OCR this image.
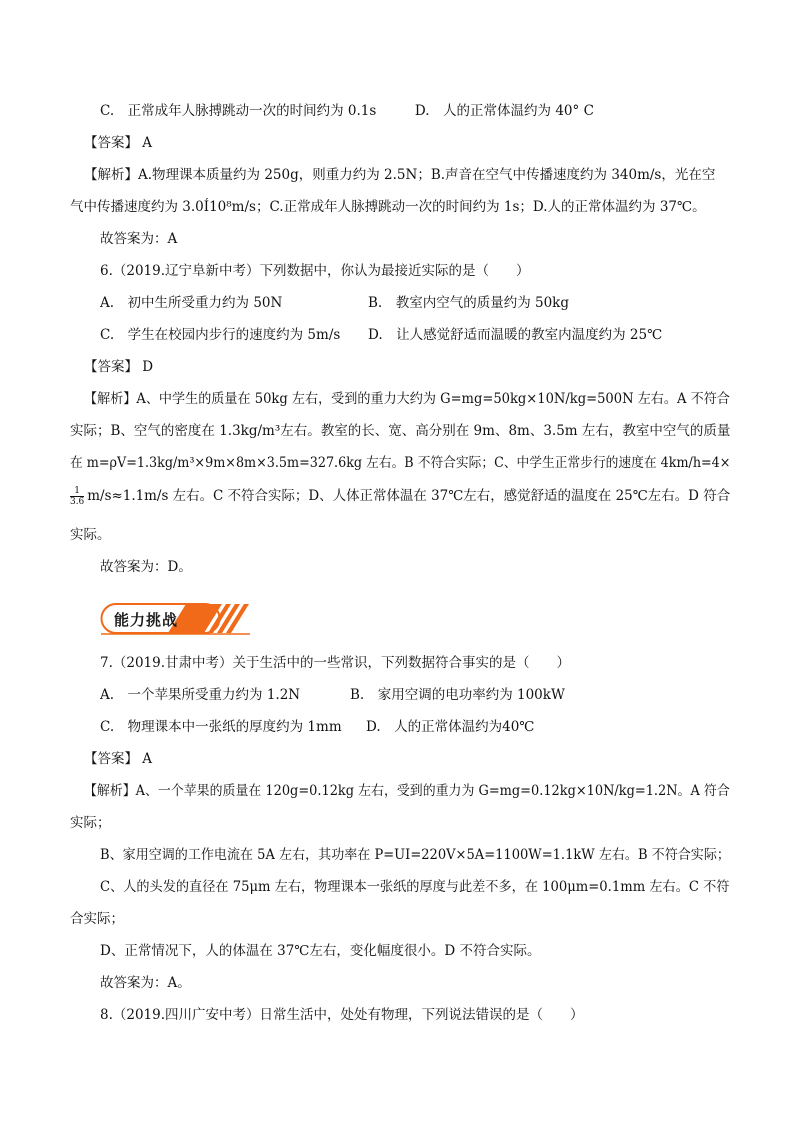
C.　正常成年人脉搏跳动一次的时间约为 0.1s	D.　人的正常体温约为 40° C
【答案】 A
【解析】A.物理课本质量约为 250g，则重力约为 2.5N；B.声音在空气中传播速度约为 340m/s，光在空
气中传播速度约为 3.0Í10⁸m/s；C.正常成年人脉搏跳动一次的时间约为 1s；D.人的正常体温约为 37℃。
故答案为：A
6.（2019.辽宁阜新中考）下列数据中，你认为最接近实际的是（　　）
A.　初中生所受重力约为 50N	B.　教室内空气的质量约为 50kg
C.　学生在校园内步行的速度约为 5m/s D.　让人感觉舒适而温暖的教室内温度约为 25℃
【答案】 D
【解析】A、中学生的质量在 50kg 左右，受到的重力大约为 G=mg=50kg×10N/kg=500N 左右。A 不符合
实际；B、空气的密度在 1.3kg/m³左右。教室的长、宽、高分别在 9m、8m、3.5m 左右，教室中空气的质量
在 m=ρV=1.3kg/m³×9m×8m×3.5m=327.6kg 左右。B 不符合实际；C、中学生正常步行的速度在 4km/h=4×
$\frac{1}{3.6} m/s\approx 1.1m/s$ 左右。C 不符合实际；D、人体正常体温在 37℃左右，感觉舒适的温度在 25℃左右。D 符合
实际。
故答案为：D。
能力挑战
7.（2019.甘肃中考）关于生活中的一些常识，下列数据符合事实的是（　　）
A.　一个苹果所受重力约为 1.2N	B.　家用空调的电功率约为 100kW
C.　物理课本中一张纸的厚度约为 1mm D.　人的正常体温约为40℃
【答案】 A
【解析】A、一个苹果的质量在 120g=0.12kg 左右，受到的重力为 G=mg=0.12kg×10N/kg=1.2N。A 符合
实际；
B、家用空调的工作电流在 5A 左右，其功率在 P=UI=220V×5A=1100W=1.1kW 左右。B 不符合实际；
C、人的头发的直径在 75μm 左右，物理课本一张纸的厚度与此差不多，在 100μm=0.1mm 左右。C 不符
合实际；
D、正常情况下，人的体温在 37℃左右，变化幅度很小。D 不符合实际。
故答案为：A。
8.（2019.四川广安中考）日常生活中，处处有物理，下列说法错误的是（　　）
